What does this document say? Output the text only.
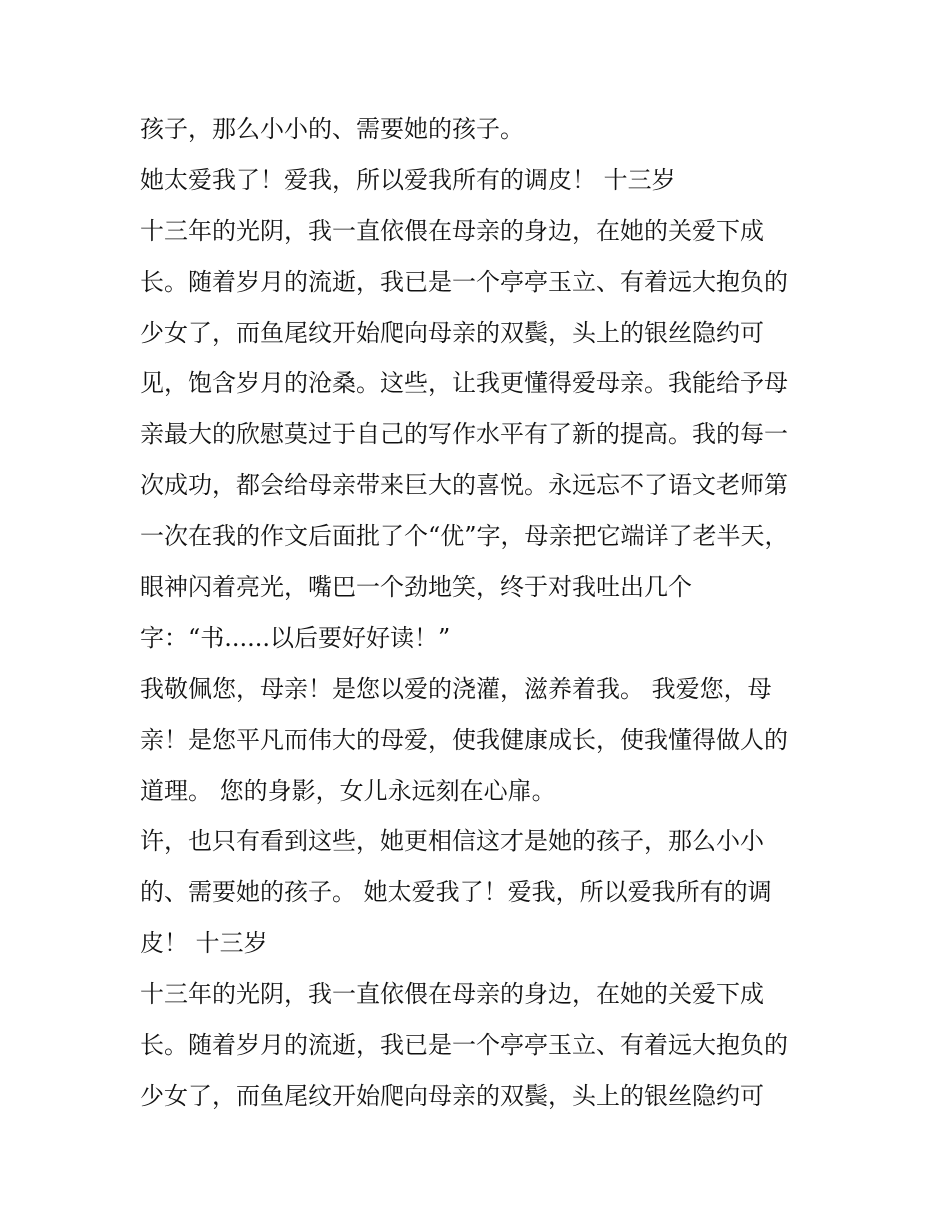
孩子，那么小小的、需要她的孩子。
她太爱我了！爱我，所以爱我所有的调皮！ 十三岁
十三年的光阴，我一直依偎在母亲的身边，在她的关爱下成
长。随着岁月的流逝，我已是一个亭亭玉立、有着远大抱负的
少女了，而鱼尾纹开始爬向母亲的双鬓，头上的银丝隐约可
见，饱含岁月的沧桑。这些，让我更懂得爱母亲。我能给予母
亲最大的欣慰莫过于自己的写作水平有了新的提高。我的每一
次成功，都会给母亲带来巨大的喜悦。永远忘不了语文老师第
一次在我的作文后面批了个“优”字，母亲把它端详了老半天，
眼神闪着亮光，嘴巴一个劲地笑，终于对我吐出几个
字：“书......以后要好好读！”
我敬佩您，母亲！是您以爱的浇灌，滋养着我。 我爱您，母
亲！是您平凡而伟大的母爱，使我健康成长，使我懂得做人的
道理。 您的身影，女儿永远刻在心扉。
许，也只有看到这些，她更相信这才是她的孩子，那么小小
的、需要她的孩子。 她太爱我了！爱我，所以爱我所有的调
皮！ 十三岁
十三年的光阴，我一直依偎在母亲的身边，在她的关爱下成
长。随着岁月的流逝，我已是一个亭亭玉立、有着远大抱负的
少女了，而鱼尾纹开始爬向母亲的双鬓，头上的银丝隐约可
